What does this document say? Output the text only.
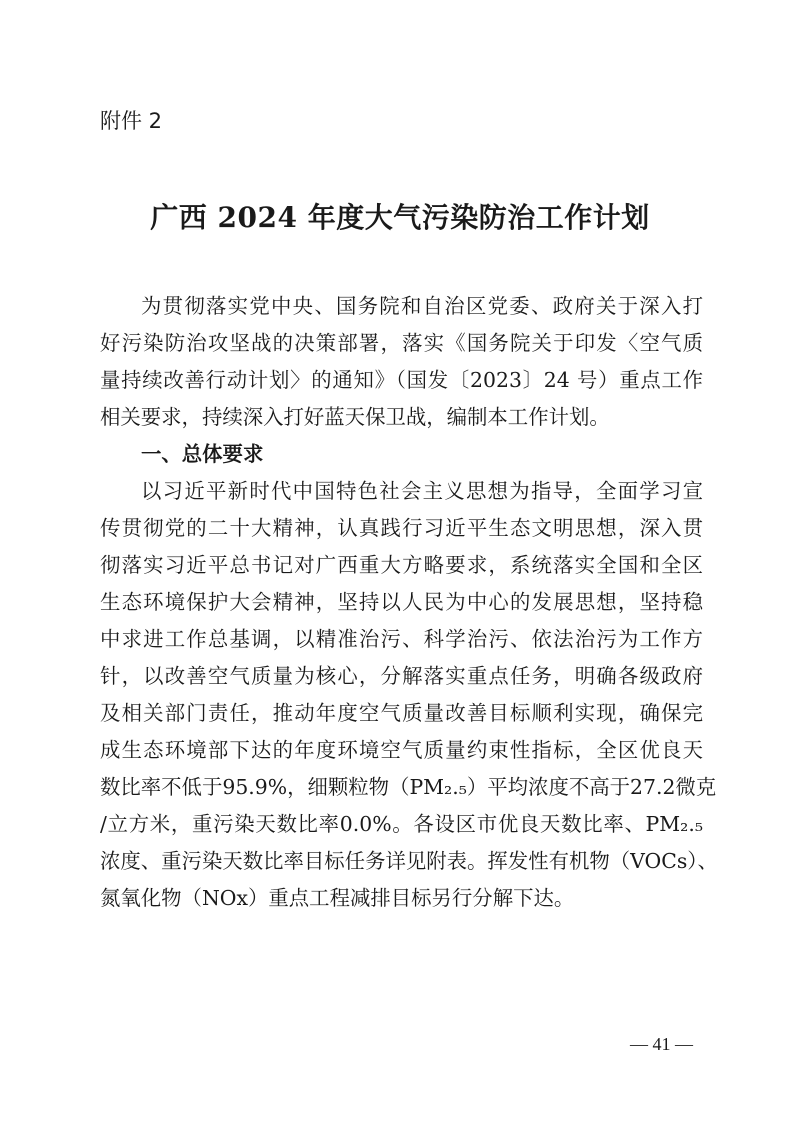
附件 2
广西 2024 年度大气污染防治工作计划
为贯彻落实党中央、国务院和自治区党委、政府关于深入打
好污染防治攻坚战的决策部署，落实《国务院关于印发〈空气质
量持续改善行动计划〉的通知》（国发〔2023〕24 号）重点工作
相关要求，持续深入打好蓝天保卫战，编制本工作计划。
一、总体要求
以习近平新时代中国特色社会主义思想为指导，全面学习宣
传贯彻党的二十大精神，认真践行习近平生态文明思想，深入贯
彻落实习近平总书记对广西重大方略要求，系统落实全国和全区
生态环境保护大会精神，坚持以人民为中心的发展思想，坚持稳
中求进工作总基调，以精准治污、科学治污、依法治污为工作方
针，以改善空气质量为核心，分解落实重点任务，明确各级政府
及相关部门责任，推动年度空气质量改善目标顺利实现，确保完
成生态环境部下达的年度环境空气质量约束性指标，全区优良天
数比率不低于95.9%，细颗粒物（PM₂.₅）平均浓度不高于27.2微克
/立方米，重污染天数比率0.0%。各设区市优良天数比率、PM₂.₅
浓度、重污染天数比率目标任务详见附表。挥发性有机物（VOCs）、
氮氧化物（NOx）重点工程减排目标另行分解下达。
— 41 —
